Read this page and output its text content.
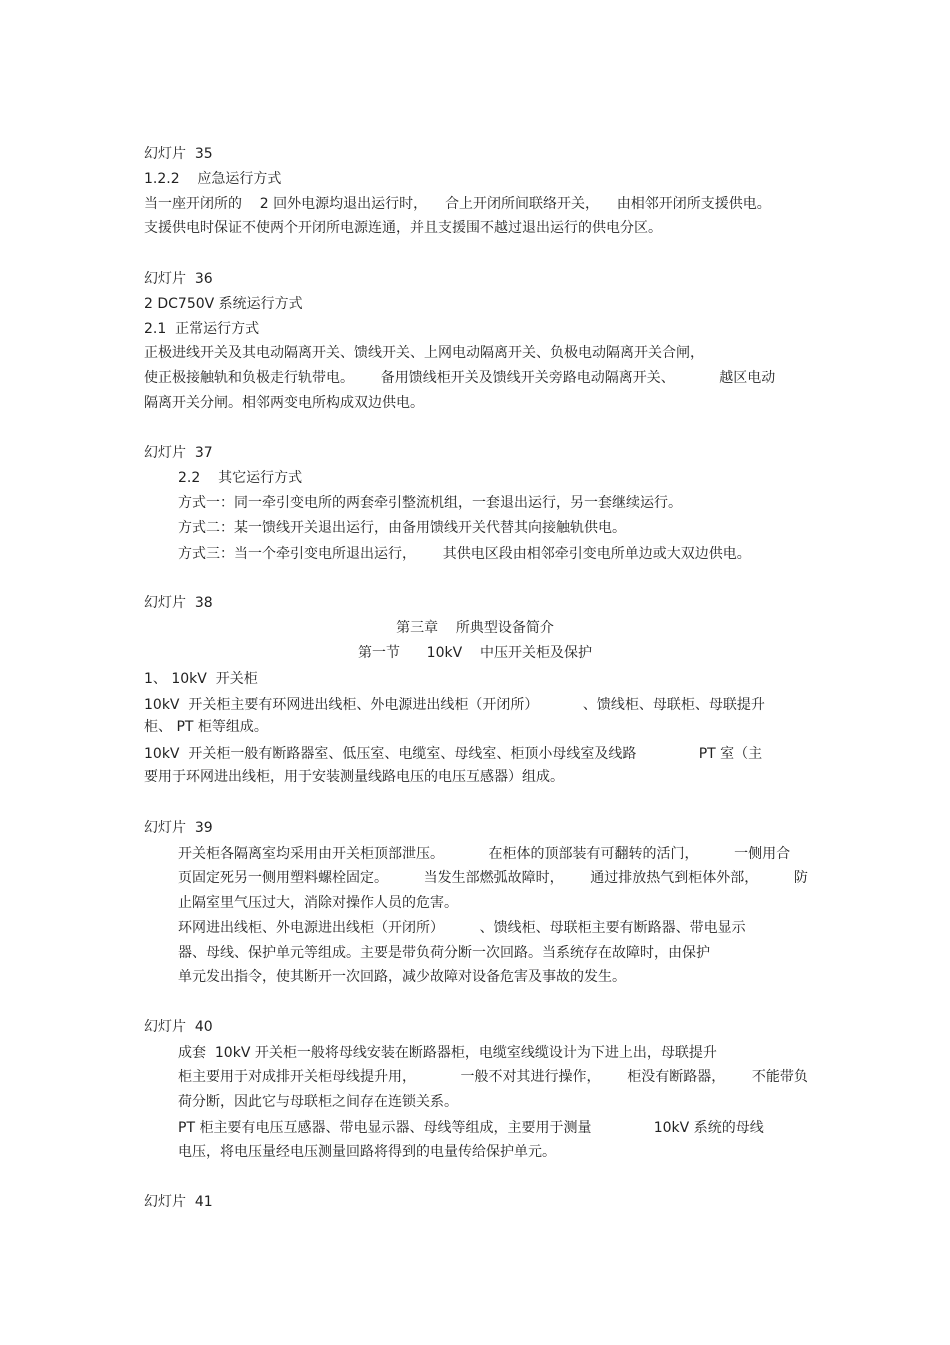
幻灯片  35
1.2.2    应急运行方式
当一座开闭所的    2 回外电源均退出运行时，    合上开闭所间联络开关，    由相邻开闭所支援供电。
支援供电时保证不使两个开闭所电源连通，并且支援围不越过退出运行的供电分区。
幻灯片  36
2 DC750V 系统运行方式
2.1  正常运行方式
正极进线开关及其电动隔离开关、馈线开关、上网电动隔离开关、负极电动隔离开关合闸，
使正极接触轨和负极走行轨带电。      备用馈线柜开关及馈线开关旁路电动隔离开关、          越区电动
隔离开关分闸。相邻两变电所构成双边供电。
幻灯片  37
2.2    其它运行方式
方式一：同一牵引变电所的两套牵引整流机组，一套退出运行，另一套继续运行。
方式二：某一馈线开关退出运行，由备用馈线开关代替其向接触轨供电。
方式三：当一个牵引变电所退出运行，      其供电区段由相邻牵引变电所单边或大双边供电。
幻灯片  38
第三章    所典型设备简介
第一节      10kV    中压开关柜及保护
1、 10kV  开关柜
10kV  开关柜主要有环网进出线柜、外电源进出线柜（开闭所）          、馈线柜、母联柜、母联提升
柜、 PT 柜等组成。
10kV  开关柜一般有断路器室、低压室、电缆室、母线室、柜顶小母线室及线路              PT 室（主
要用于环网进出线柜，用于安装测量线路电压的电压互感器）组成。
幻灯片  39
开关柜各隔离室均采用由开关柜顶部泄压。          在柜体的顶部装有可翻转的活门，        一侧用合
页固定死另一侧用塑料螺栓固定。        当发生部燃弧故障时，      通过排放热气到柜体外部，        防
止隔室里气压过大，消除对操作人员的危害。
环网进出线柜、外电源进出线柜（开闭所）        、馈线柜、母联柜主要有断路器、带电显示
器、母线、保护单元等组成。主要是带负荷分断一次回路。当系统存在故障时，由保护
单元发出指令，使其断开一次回路，减少故障对设备危害及事故的发生。
幻灯片  40
成套  10kV 开关柜一般将母线安装在断路器柜，电缆室线缆设计为下进上出，母联提升
柜主要用于对成排开关柜母线提升用，          一般不对其进行操作，      柜没有断路器，      不能带负
荷分断，因此它与母联柜之间存在连锁关系。
PT 柜主要有电压互感器、带电显示器、母线等组成，主要用于测量              10kV 系统的母线
电压，将电压量经电压测量回路将得到的电量传给保护单元。
幻灯片  41
